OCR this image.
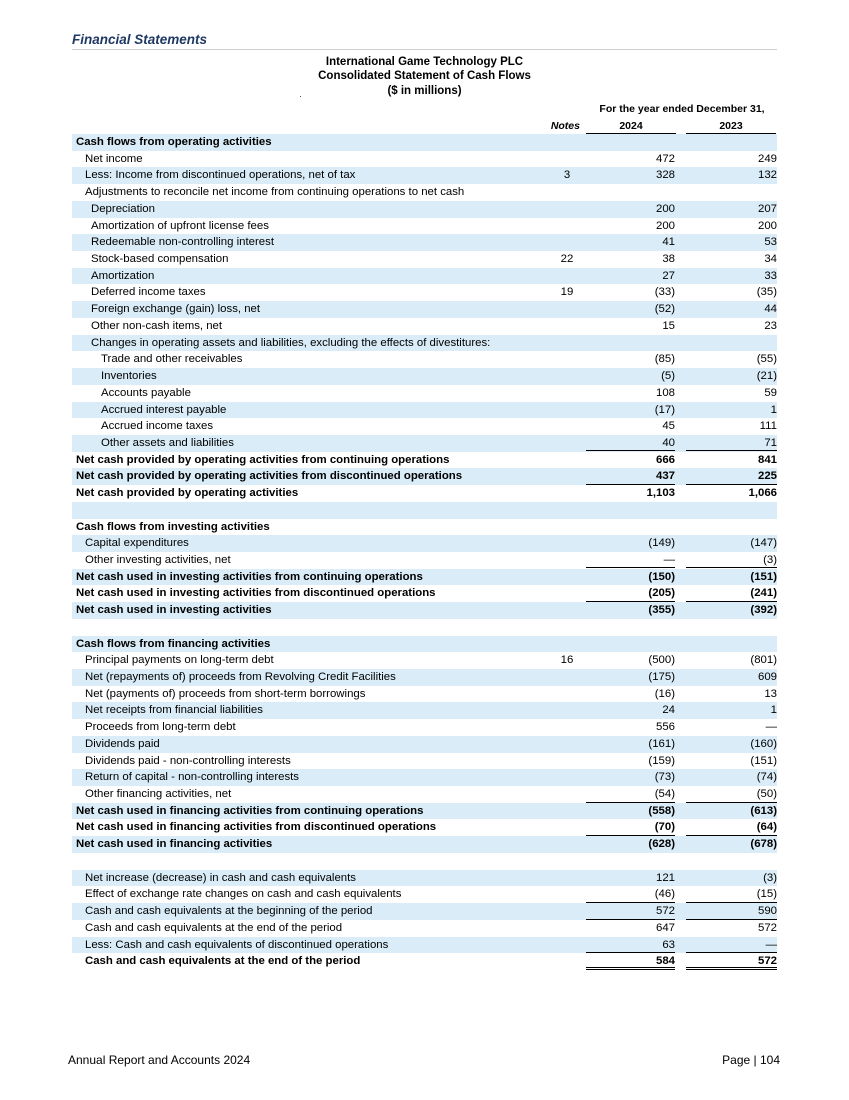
Financial Statements
International Game Technology PLC
Consolidated Statement of Cash Flows
($ in millions)
For the year ended December 31,
Notes	2024	2023
Cash flows from operating activities
Net income	472	249
Less: Income from discontinued operations, net of tax	3	328	132
Adjustments to reconcile net income from continuing operations to net cash
Depreciation	200	207
Amortization of upfront license fees	200	200
Redeemable non-controlling interest	41	53
Stock-based compensation	22	38	34
Amortization	27	33
Deferred income taxes	19	(33)	(35)
Foreign exchange (gain) loss, net	(52)	44
Other non-cash items, net	15	23
Changes in operating assets and liabilities, excluding the effects of divestitures:
Trade and other receivables	(85)	(55)
Inventories	(5)	(21)
Accounts payable	108	59
Accrued interest payable	(17)	1
Accrued income taxes	45	111
Other assets and liabilities	40	71
Net cash provided by operating activities from continuing operations	666	841
Net cash provided by operating activities from discontinued operations	437	225
Net cash provided by operating activities	1,103	1,066
Cash flows from investing activities
Capital expenditures	(149)	(147)
Other investing activities, net	—	(3)
Net cash used in investing activities from continuing operations	(150)	(151)
Net cash used in investing activities from discontinued operations	(205)	(241)
Net cash used in investing activities	(355)	(392)
Cash flows from financing activities
Principal payments on long-term debt	16	(500)	(801)
Net (repayments of) proceeds from Revolving Credit Facilities	(175)	609
Net (payments of) proceeds from short-term borrowings	(16)	13
Net receipts from financial liabilities	24	1
Proceeds from long-term debt	556	—
Dividends paid	(161)	(160)
Dividends paid - non-controlling interests	(159)	(151)
Return of capital - non-controlling interests	(73)	(74)
Other financing activities, net	(54)	(50)
Net cash used in financing activities from continuing operations	(558)	(613)
Net cash used in financing activities from discontinued operations	(70)	(64)
Net cash used in financing activities	(628)	(678)
Net increase (decrease) in cash and cash equivalents	121	(3)
Effect of exchange rate changes on cash and cash equivalents	(46)	(15)
Cash and cash equivalents at the beginning of the period	572	590
Cash and cash equivalents at the end of the period	647	572
Less: Cash and cash equivalents of discontinued operations	63	—
Cash and cash equivalents at the end of the period	584	572
Annual Report and Accounts 2024	Page | 104
